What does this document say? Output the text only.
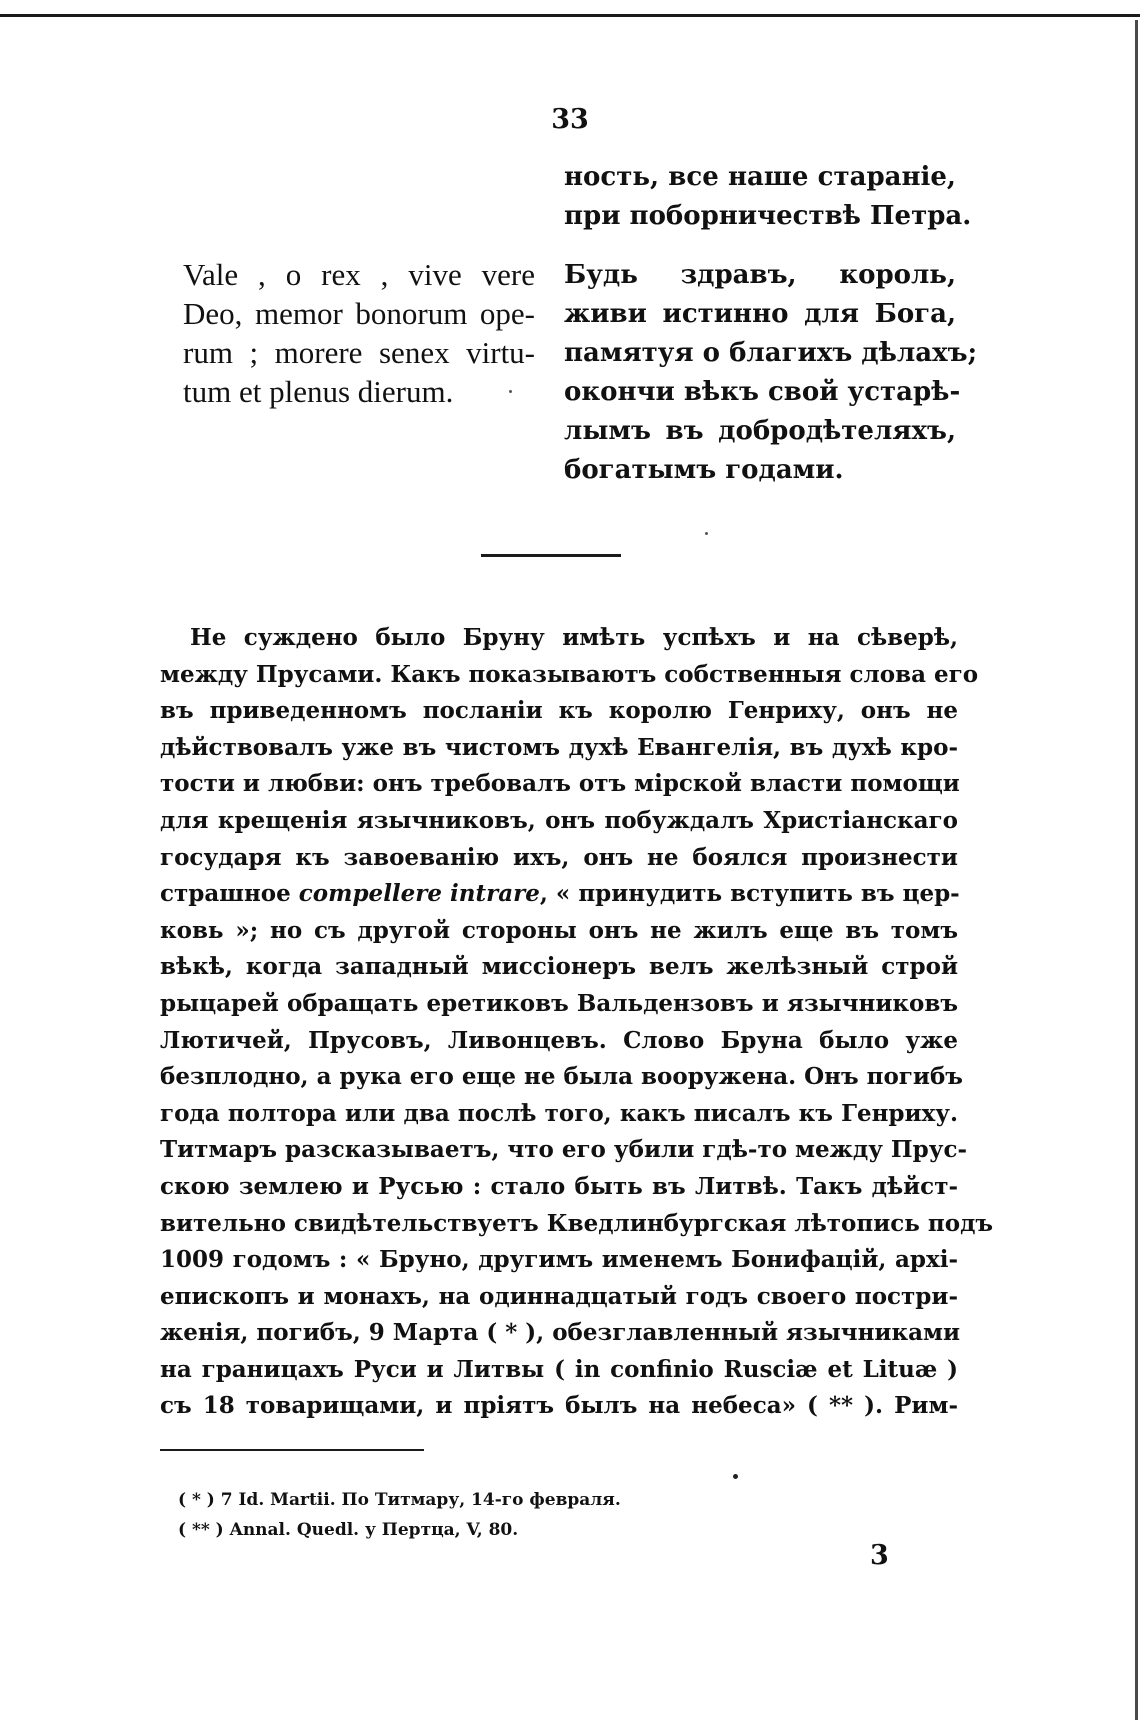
33
Vale , o rex , vive vere
Deo, memor bonorum ope-
rum ; morere senex virtu-
tum et plenus dierum.
ность, все наше старанiе,
при поборничествѣ Петра.
Будь здравъ, король,
живи истинно для Бога,
памятуя о благихъ дѣлахъ;
окончи вѣкъ свой устарѣ-
лымъ въ добродѣтеляхъ,
богатымъ годами.
Не суждено было Бруну имѣть успѣхъ и на сѣверѣ,
между Прусами. Какъ показываютъ собственныя слова его
въ приведенномъ посланiи къ королю Генриху, онъ не
дѣйствовалъ уже въ чистомъ духѣ Евангелiя, въ духѣ кро-
тости и любви: онъ требовалъ отъ мiрской власти помощи
для крещенiя язычниковъ, онъ побуждалъ Христiанскаго
государя къ завоеванiю ихъ, онъ не боялся произнести
страшное compellere intrare, « принудить вступить въ цер-
ковь »; но съ другой стороны онъ не жилъ еще въ томъ
вѣкѣ, когда западный миссiонеръ велъ желѣзный строй
рыцарей обращать еретиковъ Вальдензовъ и язычниковъ
Лютичей, Прусовъ, Ливонцевъ. Слово Бруна было уже
безплодно, а рука его еще не была вооружена. Онъ погибъ
года полтора или два послѣ того, какъ писалъ къ Генриху.
Титмаръ разсказываетъ, что его убили гдѣ-то между Прус-
скою землею и Русью : стало быть въ Литвѣ. Такъ дѣйст-
вительно свидѣтельствуетъ Кведлинбургская лѣтопись подъ
1009 годомъ : « Бруно, другимъ именемъ Бонифацiй, архi-
епископъ и монахъ, на одиннадцатый годъ своего постри-
женiя, погибъ, 9 Марта ( * ), обезглавленный язычниками
на границахъ Руси и Литвы ( in confinio Rusciæ et Lituæ )
съ 18 товарищами, и прiятъ былъ на небеса» ( ** ). Рим-
( * ) 7 Id. Martii. По Титмару, 14-го февраля.
( ** ) Annal. Quedl. у Пертца, V, 80.
3
